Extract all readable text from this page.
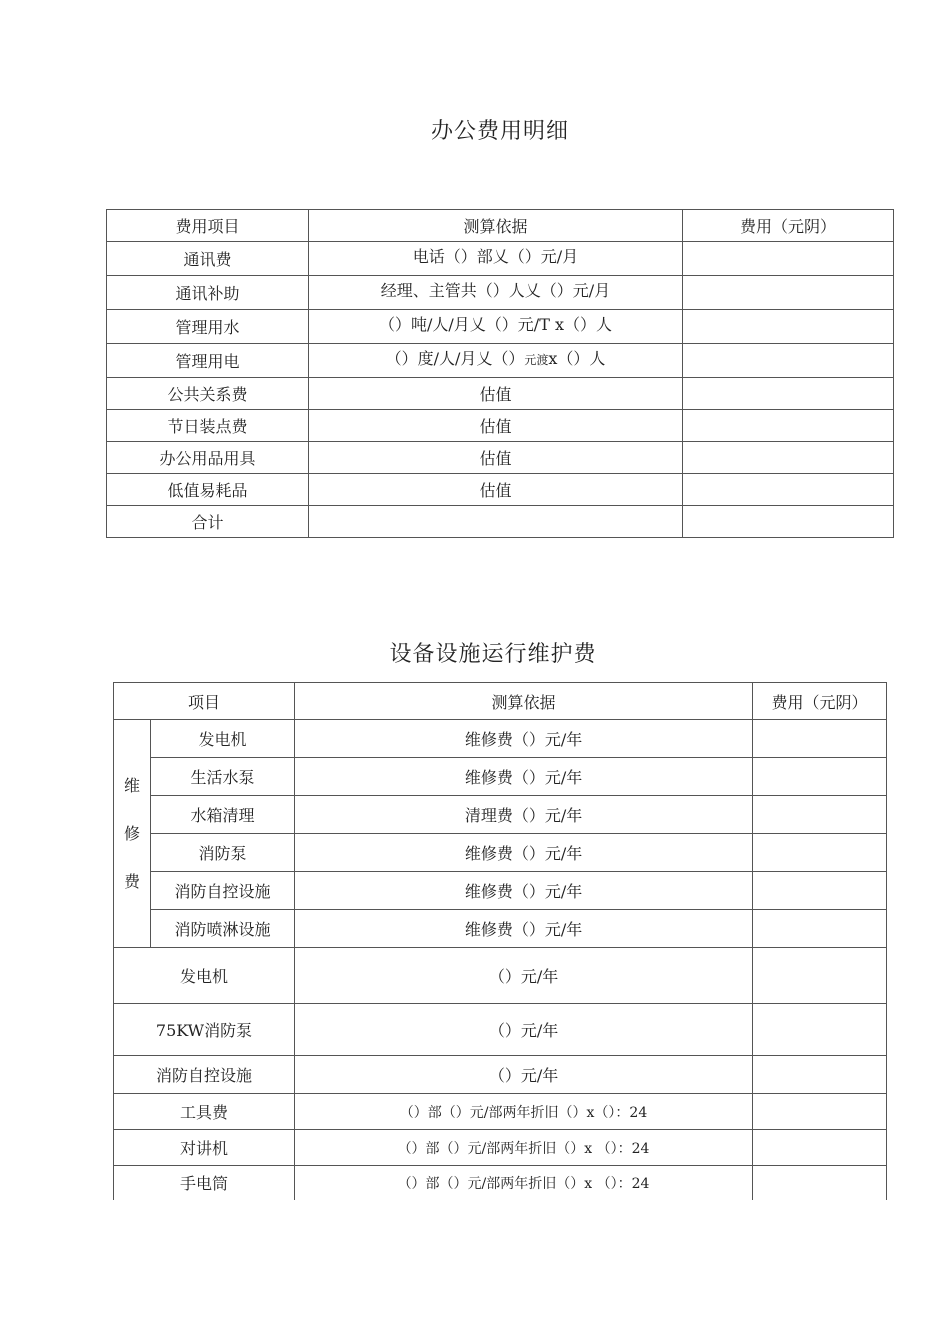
办公费用明细
费用项目	测算依据	费用（元阴）
通讯费	电话（）部乂（）元/月	
通讯补助	经理、主管共（）人乂（）元/月	
管理用水	（）吨/人/月乂（）元/T x（）人	
管理用电	（）度/人/月乂（）元渡x（）人	
公共关系费	估值	
节日装点费	估值	
办公用品用具	估值	
低值易耗品	估值	
合计		
设备设施运行维护费
项目		测算依据	费用（元阴）

维
修
费	发电机	维修费（）元/年	
	生活水泵	维修费（）元/年	
	水箱清理	清理费（）元/年	
	消防泵	维修费（）元/年	
	消防自控设施	维修费（）元/年	
	消防喷淋设施	维修费（）元/年	
发电机		（）元/年	
75KW消防泵		（）元/年	
消防自控设施		（）元/年	
工具费		（）部（）元/部两年折旧（）x（）：24	
对讲机		（）部（）元/部两年折旧（）x （）：24	
手电筒		（）部（）元/部两年折旧（）x （）：24	
